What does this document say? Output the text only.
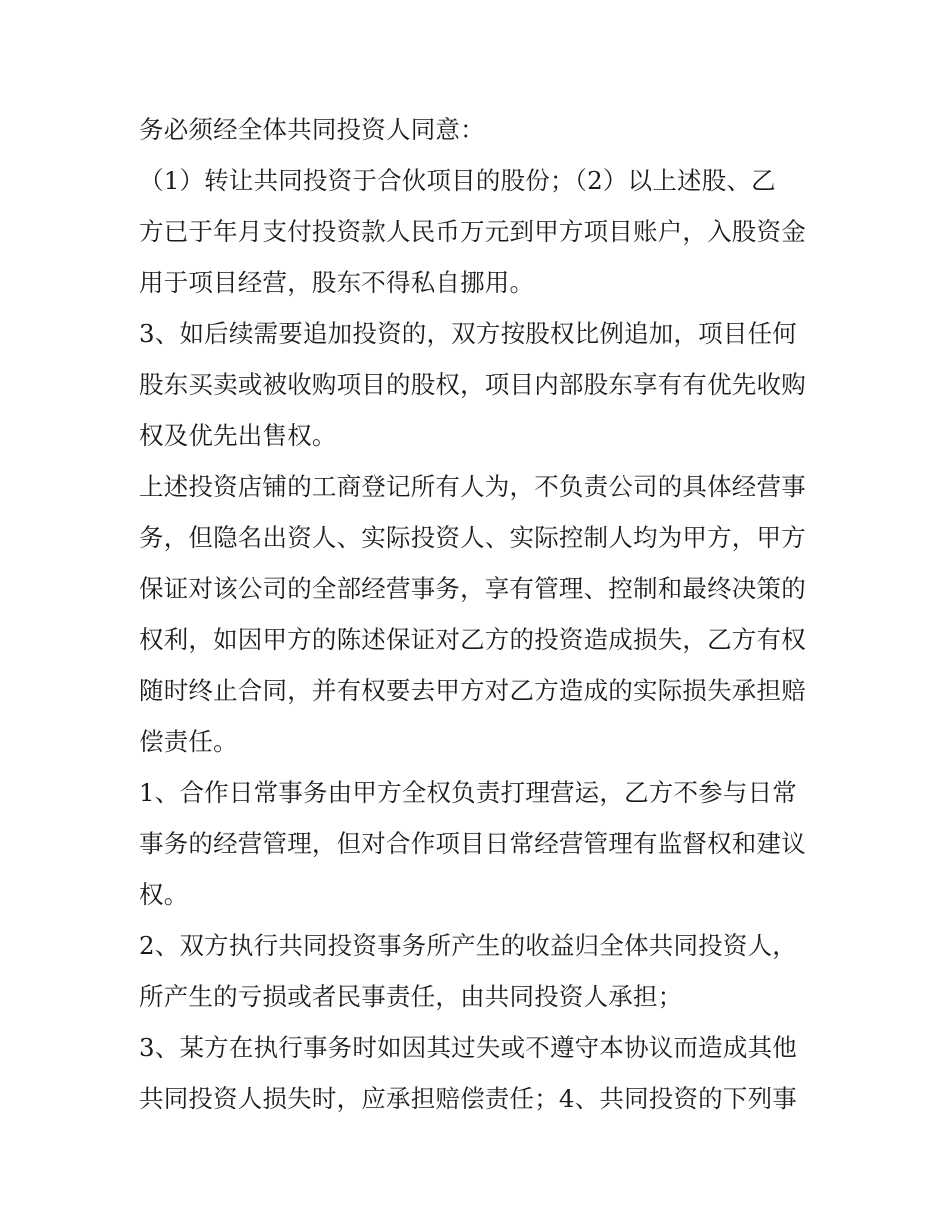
务必须经全体共同投资人同意：
（1）转让共同投资于合伙项目的股份；（2）以上述股、乙
方已于年月支付投资款人民币万元到甲方项目账户，入股资金
用于项目经营，股东不得私自挪用。
3、如后续需要追加投资的，双方按股权比例追加，项目任何
股东买卖或被收购项目的股权，项目内部股东享有有优先收购
权及优先出售权。
上述投资店铺的工商登记所有人为，不负责公司的具体经营事
务，但隐名出资人、实际投资人、实际控制人均为甲方，甲方
保证对该公司的全部经营事务，享有管理、控制和最终决策的
权利，如因甲方的陈述保证对乙方的投资造成损失，乙方有权
随时终止合同，并有权要去甲方对乙方造成的实际损失承担赔
偿责任。
1、合作日常事务由甲方全权负责打理营运，乙方不参与日常
事务的经营管理，但对合作项目日常经营管理有监督权和建议
权。
2、双方执行共同投资事务所产生的收益归全体共同投资人，
所产生的亏损或者民事责任，由共同投资人承担；
3、某方在执行事务时如因其过失或不遵守本协议而造成其他
共同投资人损失时，应承担赔偿责任；4、共同投资的下列事
